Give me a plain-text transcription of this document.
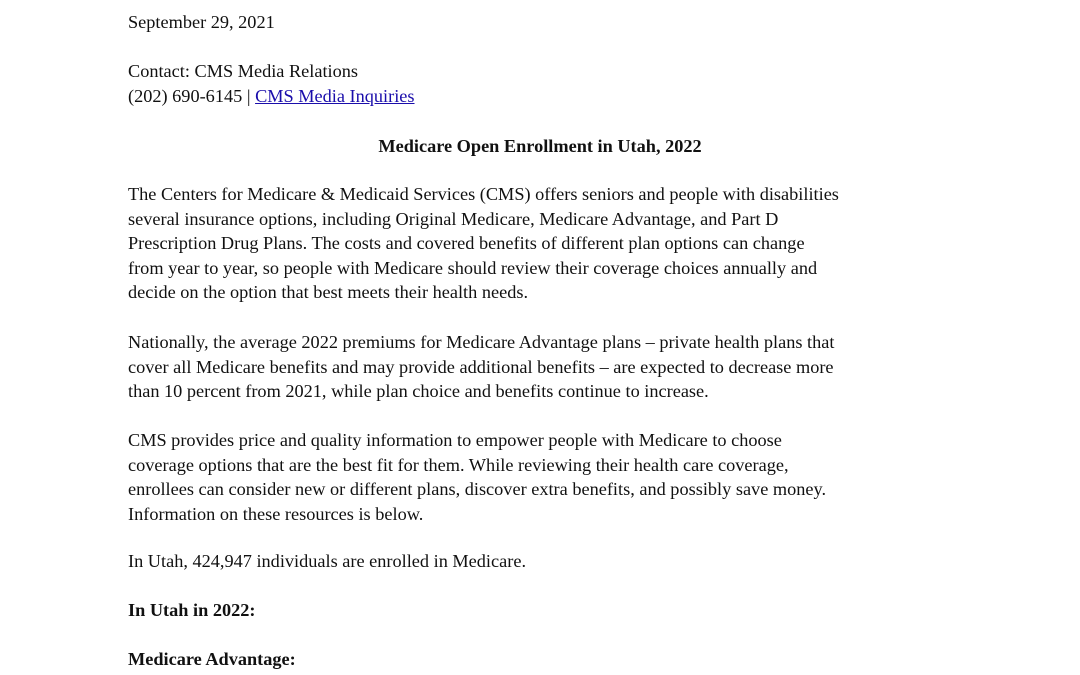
September 29, 2021

Contact: CMS Media Relations
(202) 690-6145 | CMS Media Inquiries

Medicare Open Enrollment in Utah, 2022

The Centers for Medicare & Medicaid Services (CMS) offers seniors and people with disabilities
several insurance options, including Original Medicare, Medicare Advantage, and Part D
Prescription Drug Plans. The costs and covered benefits of different plan options can change
from year to year, so people with Medicare should review their coverage choices annually and
decide on the option that best meets their health needs.

Nationally, the average 2022 premiums for Medicare Advantage plans – private health plans that
cover all Medicare benefits and may provide additional benefits – are expected to decrease more
than 10 percent from 2021, while plan choice and benefits continue to increase.

CMS provides price and quality information to empower people with Medicare to choose
coverage options that are the best fit for them. While reviewing their health care coverage,
enrollees can consider new or different plans, discover extra benefits, and possibly save money.
Information on these resources is below.

In Utah, 424,947 individuals are enrolled in Medicare.

In Utah in 2022:

Medicare Advantage:
